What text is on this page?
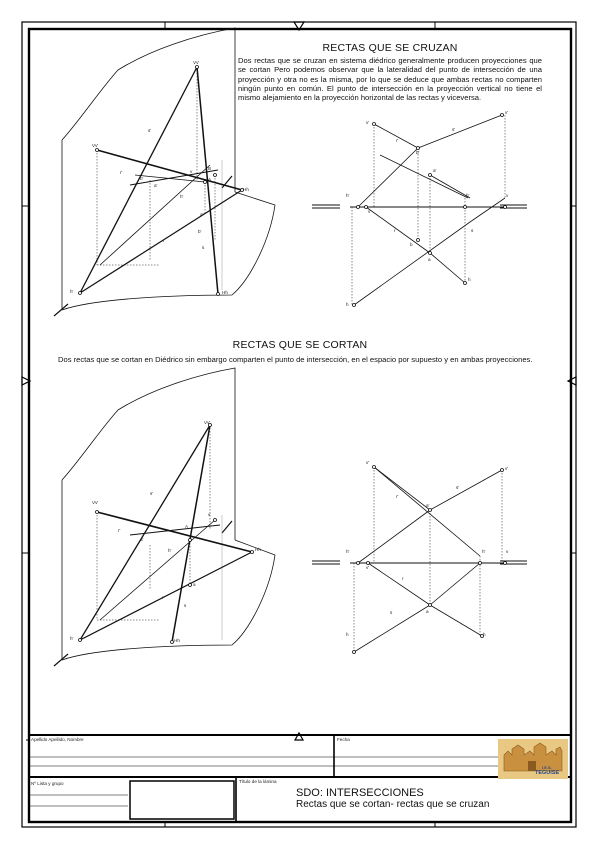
RECTAS QUE SE CRUZAN
Dos rectas que se cruzan en sistema diédrico generalmente producen proyecciones que se cortan Pero podemos observar que la lateralidad del punto de intersección de una proyección y otra no es la misma, por lo que se deduce que ambas rectas no comparten ningún punto en común. El punto de intersección en la proyección vertical no tiene el mismo alejamiento en la proyección horizontal de las rectas y viceversa.
Vv'
Vv'
s'
r'
b'
a'
v
B
A
h'
Hh
a'
b'
r
s
h'	Hh
v'
r'
s'
v'
b'
a'
h'
v
h'	v
r
b
s
a
h
h
RECTAS QUE SE CORTAN
Dos rectas que se cortan en Diédrico sin embargo comparten el punto de intersección, en el espacio por supuesto y en ambas proyecciones.
Vv'
Vv'
s'
r'
A
v
a'
h'	Hh
a
r
s
h'	Hh
v'
r'
s'
v'
a'
h'
v'
h'	v
r
s	a
h	h
Apellido Apellido, Nombre	Fecha
Nº Lista y grupo	Título de la lámina
SDO: INTERSECCIONES
Rectas que se cortan- rectas que se cruzan
I.E.S.
TEGUISE
